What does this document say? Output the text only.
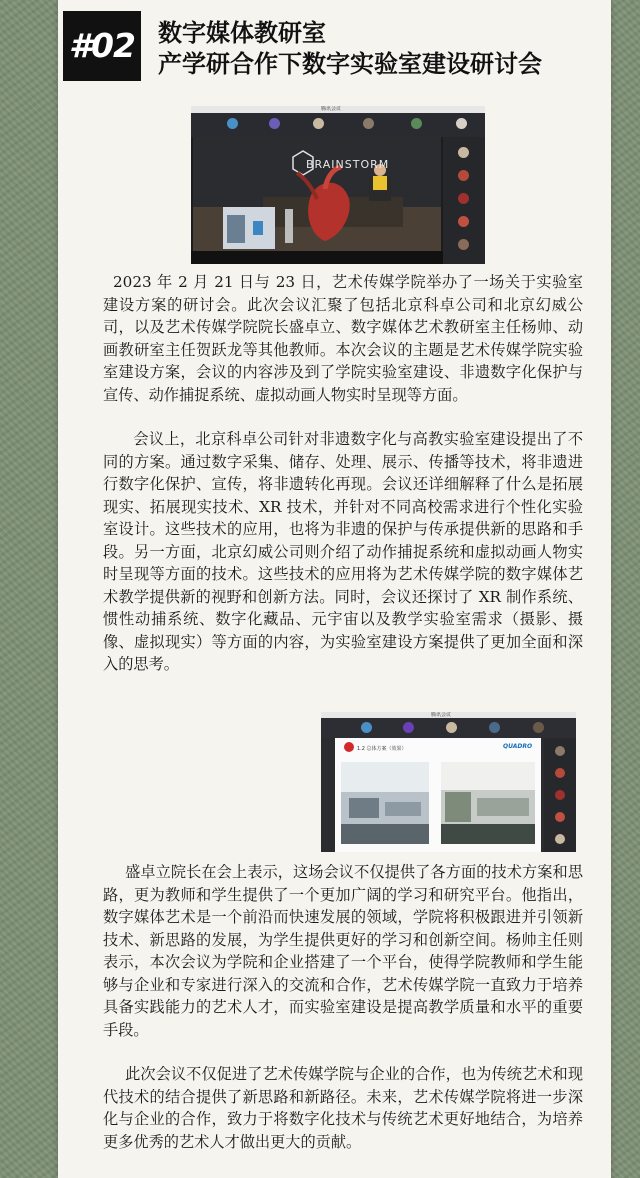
#02 数字媒体教研室
产学研合作下数字实验室建设研讨会
腾讯会议
BRAINSTORM

2023 年 2 月 21 日与 23 日，艺术传媒学院举办了一场关于实验室建设方案的研讨会。此次会议汇聚了包括北京科卓公司和北京幻威公司，以及艺术传媒学院院长盛卓立、数字媒体艺术教研室主任杨帅、动画教研室主任贺跃龙等其他教师。本次会议的主题是艺术传媒学院实验室建设方案，会议的内容涉及到了学院实验室建设、非遗数字化保护与宣传、动作捕捉系统、虚拟动画人物实时呈现等方面。

会议上，北京科卓公司针对非遗数字化与高教实验室建设提出了不同的方案。通过数字采集、储存、处理、展示、传播等技术，将非遗进行数字化保护、宣传，将非遗转化再现。会议还详细解释了什么是拓展现实、拓展现实技术、XR 技术，并针对不同高校需求进行个性化实验室设计。这些技术的应用，也将为非遗的保护与传承提供新的思路和手段。另一方面，北京幻威公司则介绍了动作捕捉系统和虚拟动画人物实时呈现等方面的技术。这些技术的应用将为艺术传媒学院的数字媒体艺术教学提供新的视野和创新方法。同时，会议还探讨了 XR 制作系统、惯性动捕系统、数字化藏品、元宇宙以及教学实验室需求（摄影、摄像、虚拟现实）等方面的内容，为实验室建设方案提供了更加全面和深入的思考。

腾讯会议
1.2 总体方案（效果）	QUADRO

盛卓立院长在会上表示，这场会议不仅提供了各方面的技术方案和思路，更为教师和学生提供了一个更加广阔的学习和研究平台。他指出，数字媒体艺术是一个前沿而快速发展的领域，学院将积极跟进并引领新技术、新思路的发展，为学生提供更好的学习和创新空间。杨帅主任则表示，本次会议为学院和企业搭建了一个平台，使得学院教师和学生能够与企业和专家进行深入的交流和合作，艺术传媒学院一直致力于培养具备实践能力的艺术人才，而实验室建设是提高教学质量和水平的重要手段。

此次会议不仅促进了艺术传媒学院与企业的合作，也为传统艺术和现代技术的结合提供了新思路和新路径。未来，艺术传媒学院将进一步深化与企业的合作，致力于将数字化技术与传统艺术更好地结合，为培养更多优秀的艺术人才做出更大的贡献。
